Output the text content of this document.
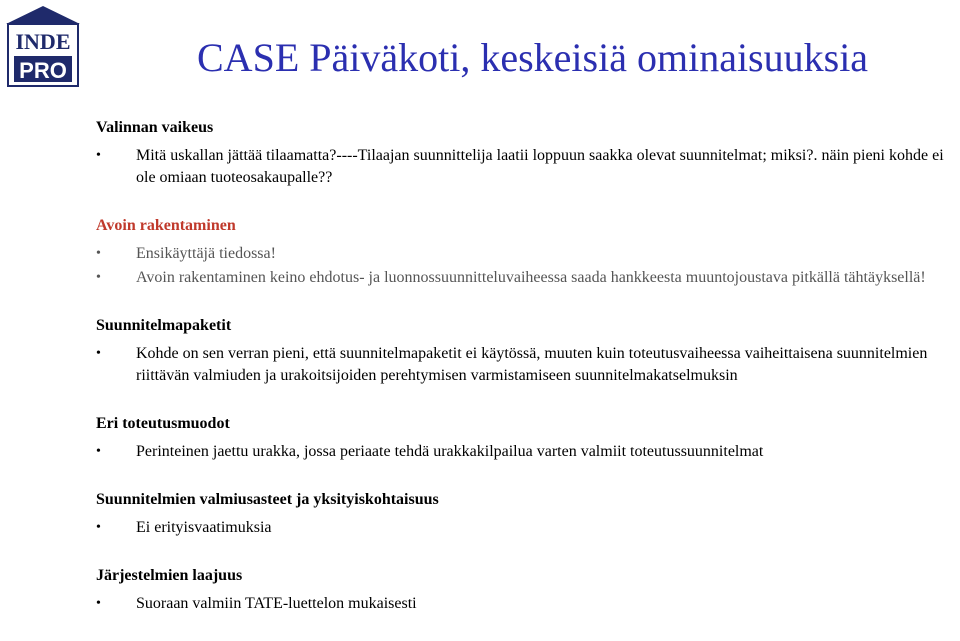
INDE
PRO	CASE Päiväkoti, keskeisiä ominaisuuksia
Valinnan vaikeus
• Mitä uskallan jättää tilaamatta?----Tilaajan suunnittelija laatii loppuun saakka olevat suunnitelmat; miksi?. näin pieni kohde ei ole omiaan tuoteosakaupalle??
Avoin rakentaminen
• Ensikäyttäjä tiedossa!
• Avoin rakentaminen keino ehdotus- ja luonnossuunnitteluvaiheessa saada hankkeesta muuntojoustava pitkällä tähtäyksellä!
Suunnitelmapaketit
• Kohde on sen verran pieni, että suunnitelmapaketit ei käytössä, muuten kuin toteutusvaiheessa vaiheittaisena suunnitelmien riittävän valmiuden ja urakoitsijoiden perehtymisen varmistamiseen suunnitelmakatselmuksin
Eri toteutusmuodot
• Perinteinen jaettu urakka, jossa periaate tehdä urakkakilpailua varten valmiit toteutussuunnitelmat
Suunnitelmien valmiusasteet ja yksityiskohtaisuus
• Ei erityisvaatimuksia
Järjestelmien laajuus
• Suoraan valmiin TATE-luettelon mukaisesti
